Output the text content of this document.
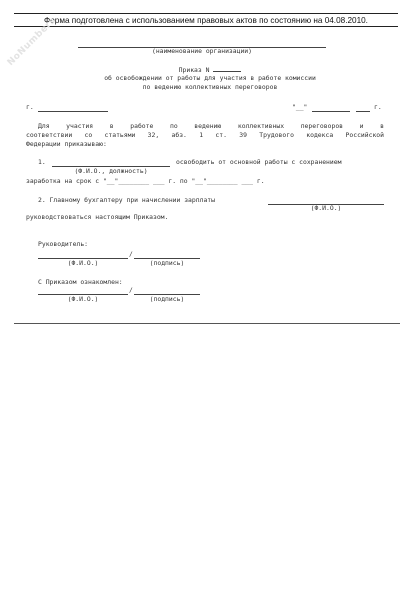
Форма подготовлена с использованием правовых актов по состоянию на 04.08.2010.
NoNumbers	(наименование организации)
Приказ N
об освобождении от работы для участия в работе комиссии
по ведению коллективных переговоров
г.	"__"	г.
Для участия в работе по ведению коллективных переговоров и в
соответствии со статьями 32, абз. 1 ст. 39 Трудового кодекса Российской
Федерации приказываю:
1.	освободить от основной работы с сохранением
(Ф.И.О., должность)
заработка на срок с "__"________ ___ г. по "__"________ ___ г.
2. Главному бухгалтеру при начислении зарплаты
(Ф.И.О.)
руководствоваться настоящим Приказом.
Руководитель:
/
(Ф.И.О.)	(подпись)
С Приказом ознакомлен:
/
(Ф.И.О.)	(подпись)
